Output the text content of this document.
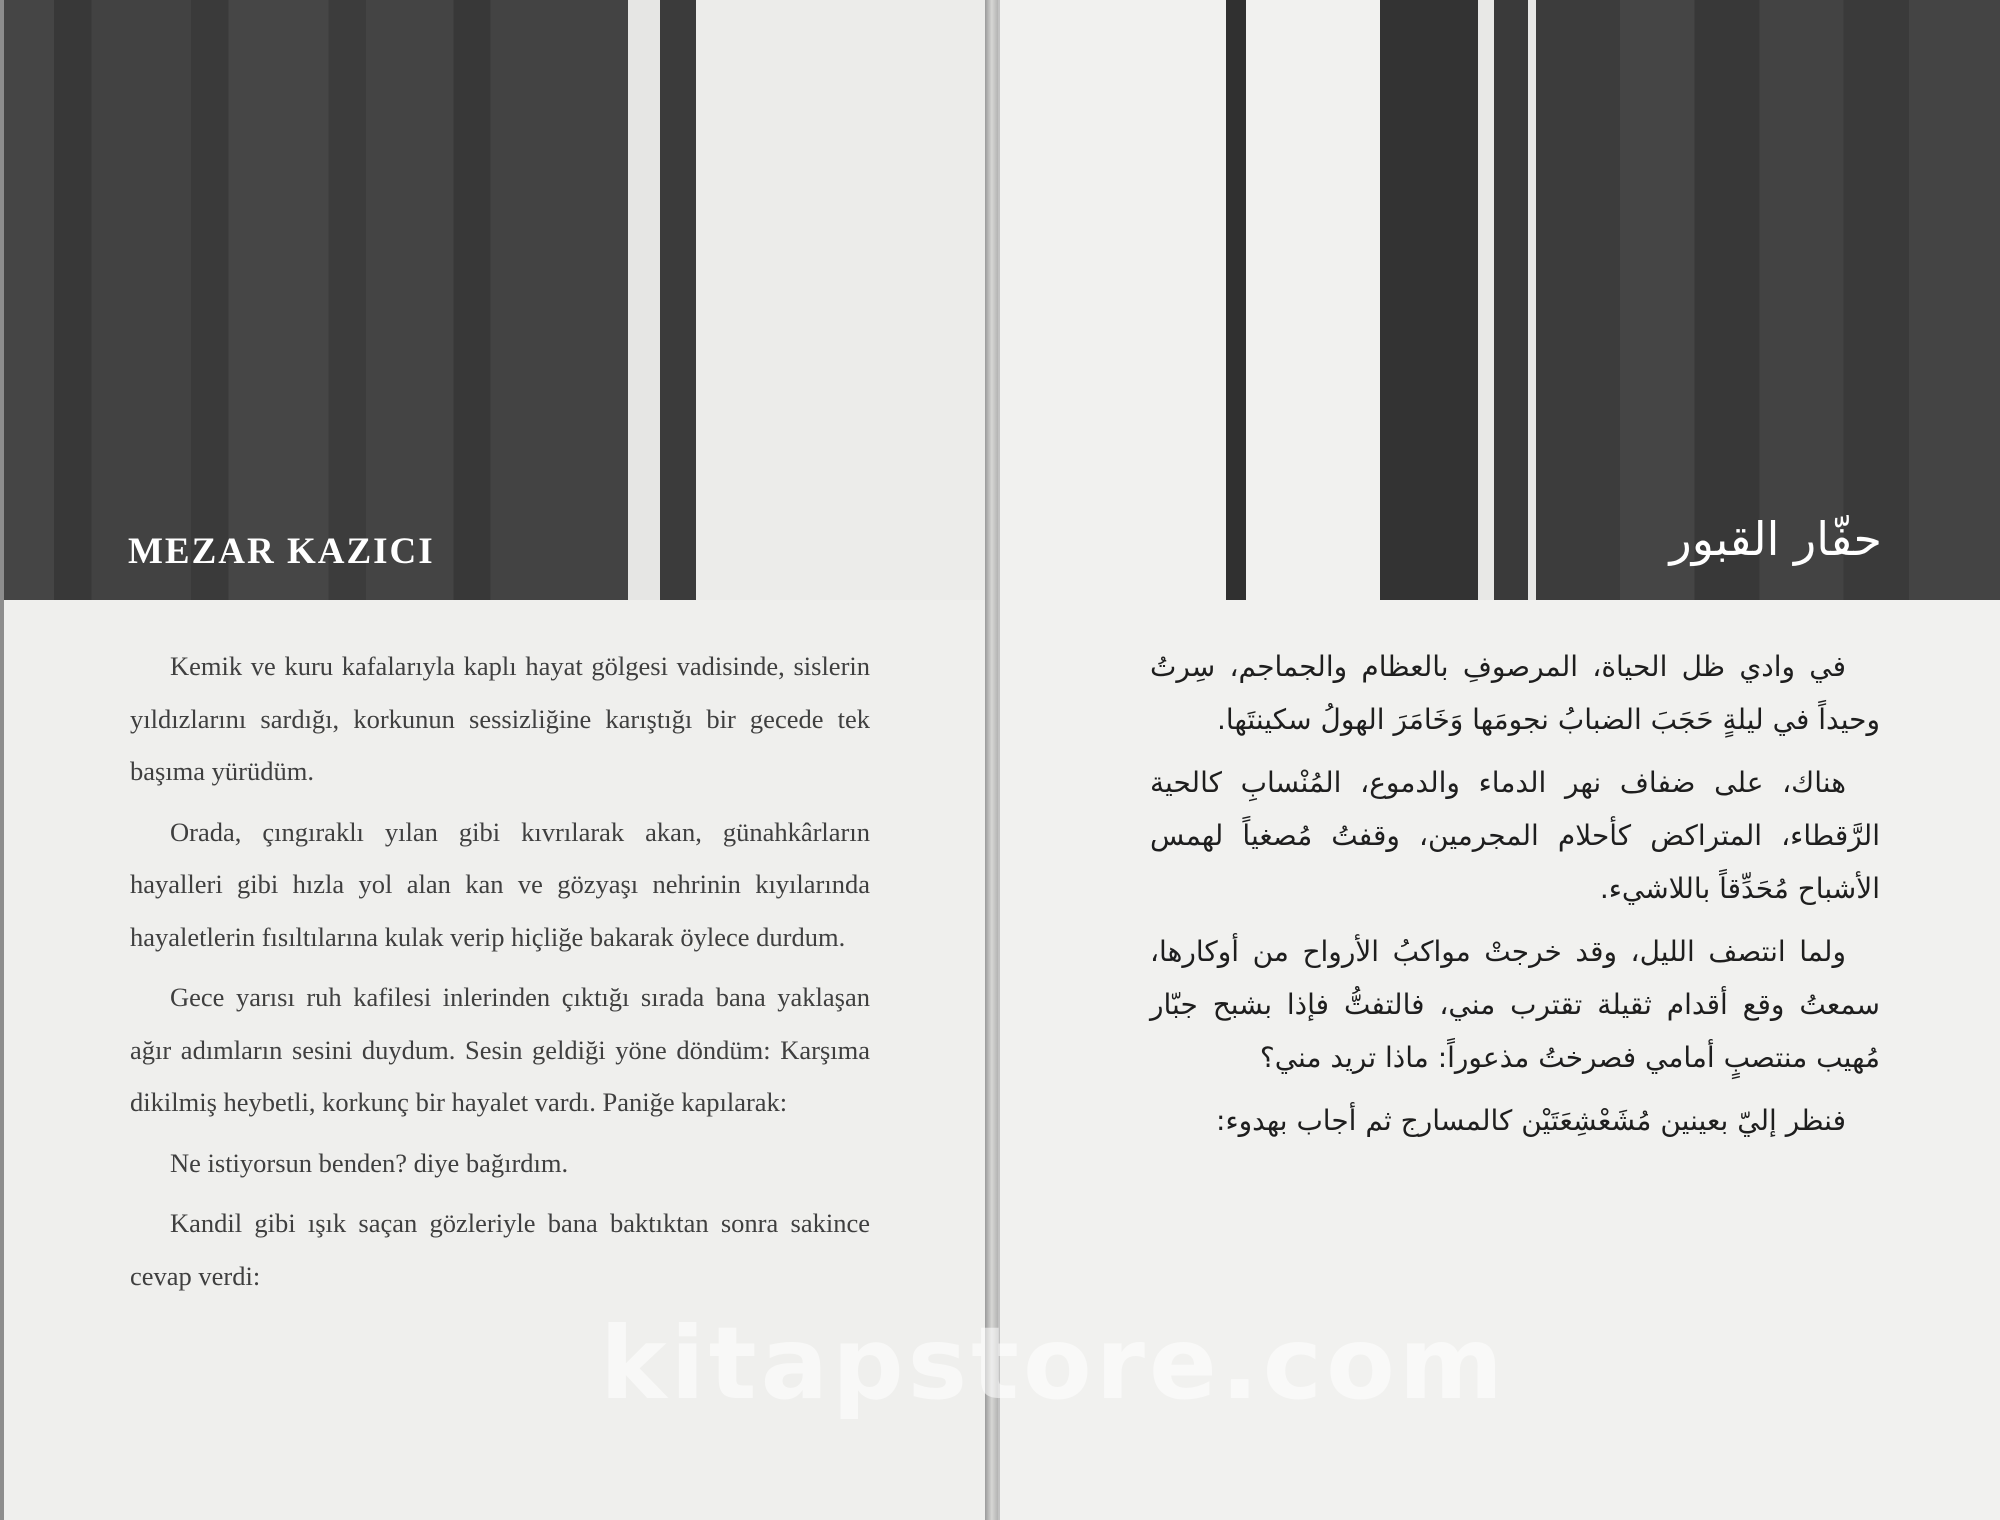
MEZAR KAZICI

Kemik ve kuru kafalarıyla kaplı hayat gölgesi vadisinde, sislerin yıldızlarını sardığı, korkunun sessizliğine karıştığı bir gecede tek başıma yürüdüm.

Orada, çıngıraklı yılan gibi kıvrılarak akan, günahkârların hayalleri gibi hızla yol alan kan ve gözyaşı nehrinin kıyılarında hayaletlerin fısıltılarına kulak verip hiçliğe bakarak öylece durdum.

Gece yarısı ruh kafilesi inlerinden çıktığı sırada bana yaklaşan ağır adımların sesini duydum. Sesin geldiği yöne döndüm: Karşıma dikilmiş heybetli, korkunç bir hayalet vardı. Paniğe kapılarak:

Ne istiyorsun benden? diye bağırdım.

Kandil gibi ışık saçan gözleriyle bana baktıktan sonra sakince cevap verdi:

حفّار القبور

في وادي ظل الحياة، المرصوفِ بالعظام والجماجم، سِرتُ وحيداً في ليلةٍ حَجَبَ الضبابُ نجومَها وَخَامَرَ الهولُ سكينتَها.

هناك، على ضفاف نهر الدماء والدموع، المُنْسابِ كالحية الرَّقطاء، المتراكض كأحلام المجرمين، وقفتُ مُصغياً لهمس الأشباح مُحَدِّقاً باللاشيء.

ولما انتصف الليل، وقد خرجتْ مواكبُ الأرواح من أوكارها، سمعتُ وقع أقدام ثقيلة تقترب مني، فالتفتُّ فإذا بشبح جبّار مُهيب منتصبٍ أمامي فصرختُ مذعوراً: ماذا تريد مني؟

فنظر إليّ بعينين مُشَعْشِعَتَيْن كالمسارج ثم أجاب بهدوء:

kitapstore.com
